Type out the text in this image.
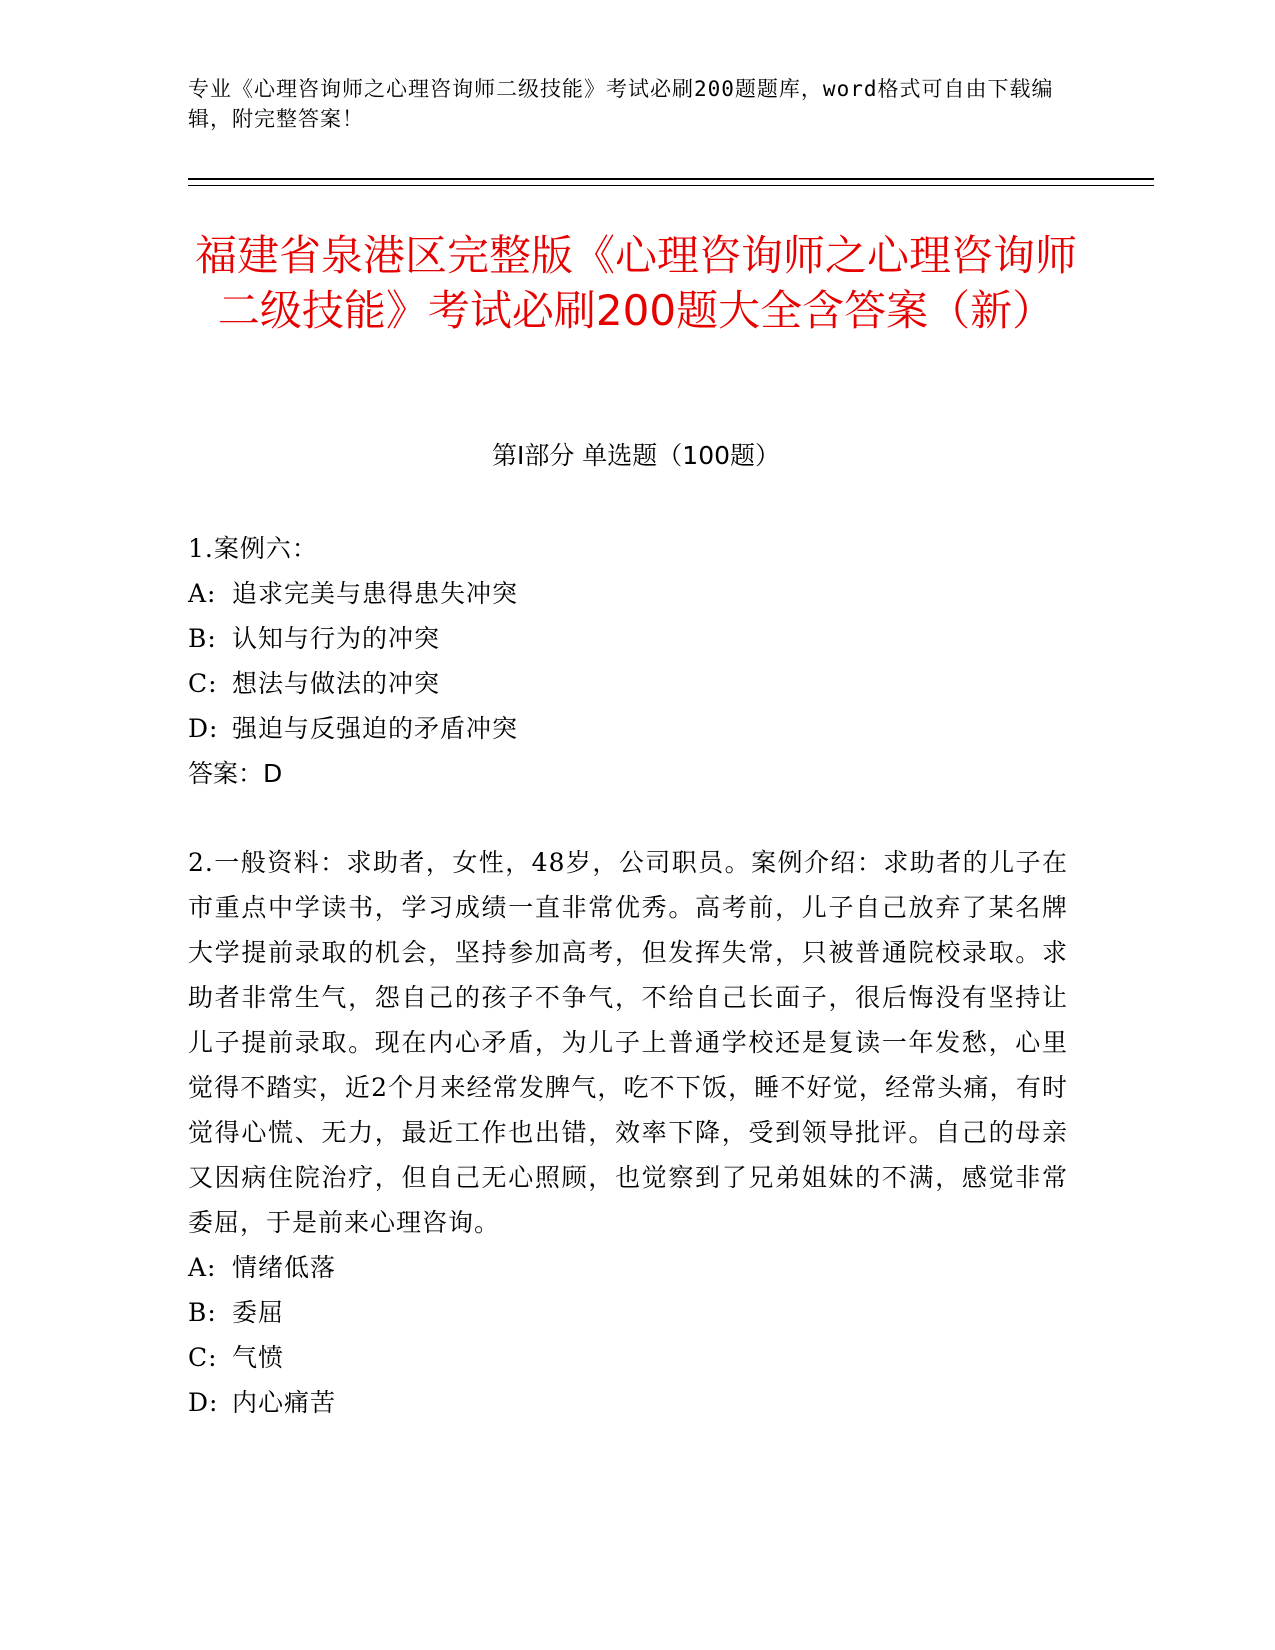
专业《心理咨询师之心理咨询师二级技能》考试必刷200题题库，word格式可自由下载编辑，附完整答案！
福建省泉港区完整版《心理咨询师之心理咨询师二级技能》考试必刷200题大全含答案（新）
第Ⅰ部分 单选题（100题）
1.案例六：
A: 追求完美与患得患失冲突
B: 认知与行为的冲突
C: 想法与做法的冲突
D: 强迫与反强迫的矛盾冲突
答案：D
2.一般资料：求助者，女性，48岁，公司职员。案例介绍：求助者的儿子在市重点中学读书，学习成绩一直非常优秀。高考前，儿子自己放弃了某名牌大学提前录取的机会，坚持参加高考，但发挥失常，只被普通院校录取。求助者非常生气，怨自己的孩子不争气，不给自己长面子，很后悔没有坚持让儿子提前录取。现在内心矛盾，为儿子上普通学校还是复读一年发愁，心里觉得不踏实，近2个月来经常发脾气，吃不下饭，睡不好觉，经常头痛，有时觉得心慌、无力，最近工作也出错，效率下降，受到领导批评。自己的母亲又因病住院治疗，但自己无心照顾，也觉察到了兄弟姐妹的不满，感觉非常委屈，于是前来心理咨询。
A: 情绪低落
B: 委屈
C: 气愤
D: 内心痛苦
